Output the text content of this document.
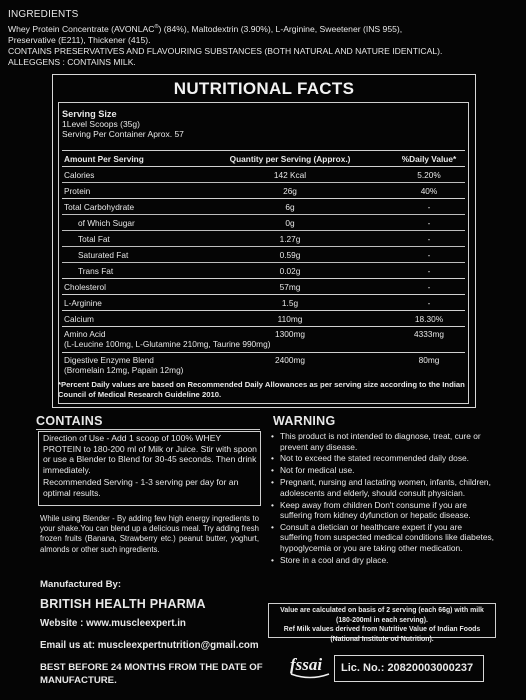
INGREDIENTS
Whey Protein Concentrate (AVONLAC®) (84%), Maltodextrin (3.90%), L-Arginine, Sweetener (INS 955),
Preservative (E211), Thickener (415).
CONTAINS PRESERVATIVES AND FLAVOURING SUBSTANCES (BOTH NATURAL AND NATURE IDENTICAL).
ALLEGGENS : CONTAINS MILK.
NUTRITIONAL FACTS
Serving Size
1Level Scoops (35g)
Serving Per Container Aprox. 57
Amount Per Serving	Quantity per Serving (Approx.)	%Daily Value*
Calories	142 Kcal	5.20%
Protein	26g	40%
Total Carbohydrate	6g	-
of Which Sugar	0g	-
Total Fat	1.27g	-
Saturated Fat	0.59g	-
Trans Fat	0.02g	-
Cholesterol	57mg	-
L-Arginine	1.5g	-
Calcium	110mg	18.30%
Amino Acid
(L-Leucine 100mg, L-Glutamine 210mg, Taurine 990mg)
1300mg	4333mg
Digestive Enzyme Blend
(Bromelain 12mg, Papain 12mg)
2400mg	80mg
*Percent Daily values are based on Recommended Daily Allowances as per serving size according to the Indian Council of Medical Research Guideline 2010.
CONTAINS
Direction of Use - Add 1 scoop of 100% WHEY PROTEIN to 180-200 ml of Milk or Juice. Stir with spoon or use a Blender to Blend for 30-45 seconds. Then drink immediately.
Recommended Serving - 1-3 serving per day for an optimal results.
While using Blender - By adding few high energy ingredients to your shake.You can blend up a delicious meal. Try adding fresh frozen fruits (Banana, Strawberry etc.) peanut butter, yoghurt, almonds or other such ingredients.
Manufactured By:
BRITISH HEALTH PHARMA
Website : www.muscleexpert.in
Email us at: muscleexpertnutrition@gmail.com
BEST BEFORE 24 MONTHS FROM THE DATE OF MANUFACTURE.
WARNING
• This product is not intended to diagnose, treat, cure or prevent any disease.
• Not to exceed the stated recommended daily dose.
• Not for medical use.
• Pregnant, nursing and lactating women, infants, children, adolescents and elderly, should consult physician.
• Keep away from children Don't consume if you are suffering from kidney dyfunction or hepatic disease.
• Consult a dietician or healthcare expert if you are suffering from suspected medical conditions like diabetes, hypoglycemia or you are taking other medication.
• Store in a cool and dry place.
Value are calculated on basis of 2 serving (each 66g) with milk (180-200ml in each serving).
Ref Milk values derived from Nutritive Value of Indian Foods (National Institute od Nutrition).
fssai Lic. No.: 20820003000237
